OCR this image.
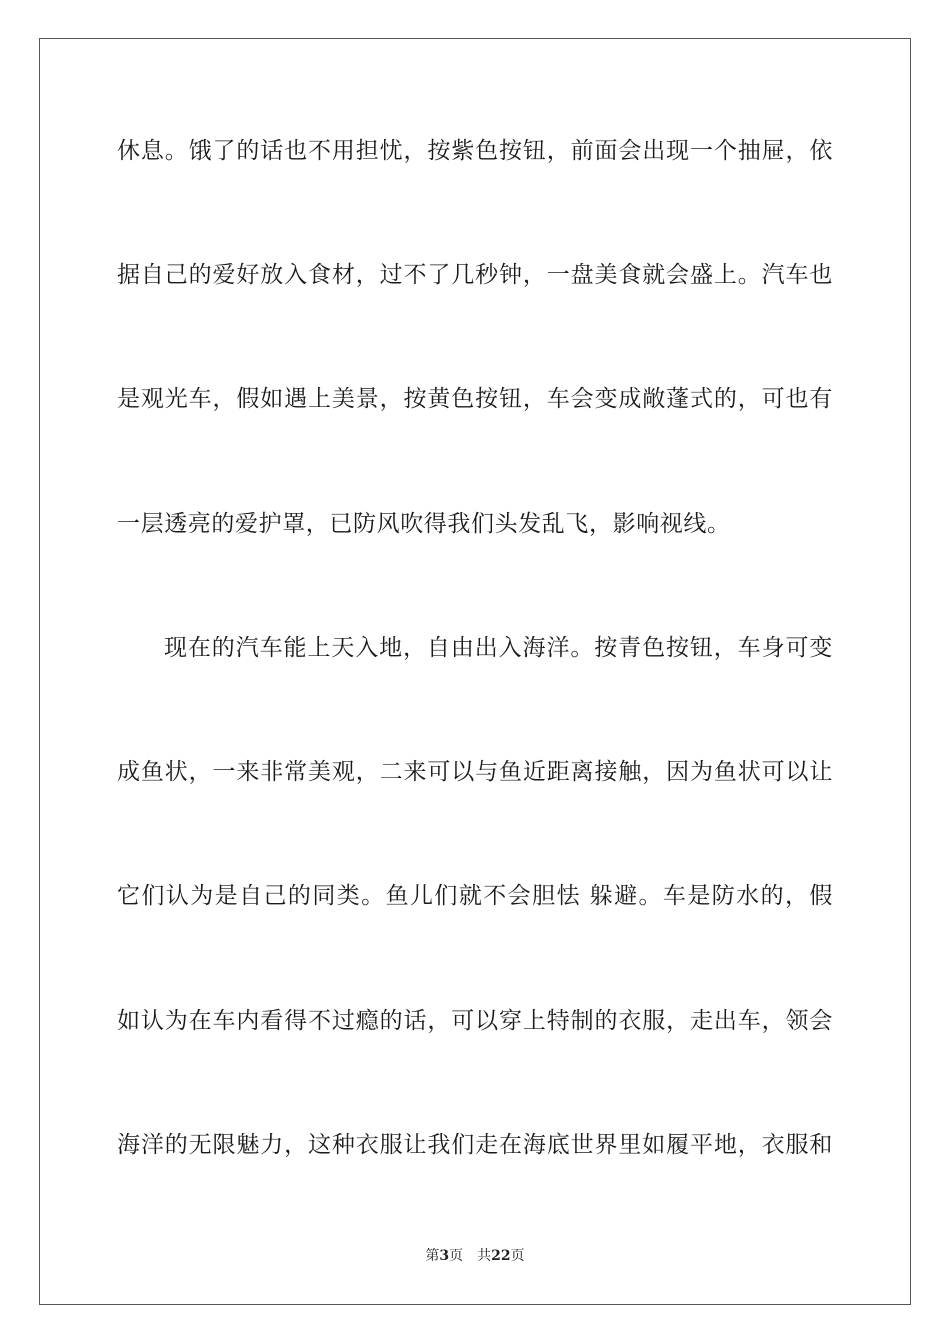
休息。饿了的话也不用担忧，按紫色按钮，前面会出现一个抽屉，依
据自己的爱好放入食材，过不了几秒钟，一盘美食就会盛上。汽车也
是观光车，假如遇上美景，按黄色按钮，车会变成敞蓬式的，可也有
一层透亮的爱护罩，已防风吹得我们头发乱飞，影响视线。
现在的汽车能上天入地，自由出入海洋。按青色按钮，车身可变
成鱼状，一来非常美观，二来可以与鱼近距离接触，因为鱼状可以让
它们认为是自己的同类。鱼儿们就不会胆怯 躲避。车是防水的，假
如认为在车内看得不过瘾的话，可以穿上特制的衣服，走出车，领会
海洋的无限魅力，这种衣服让我们走在海底世界里如履平地，衣服和
第3页 共22页
